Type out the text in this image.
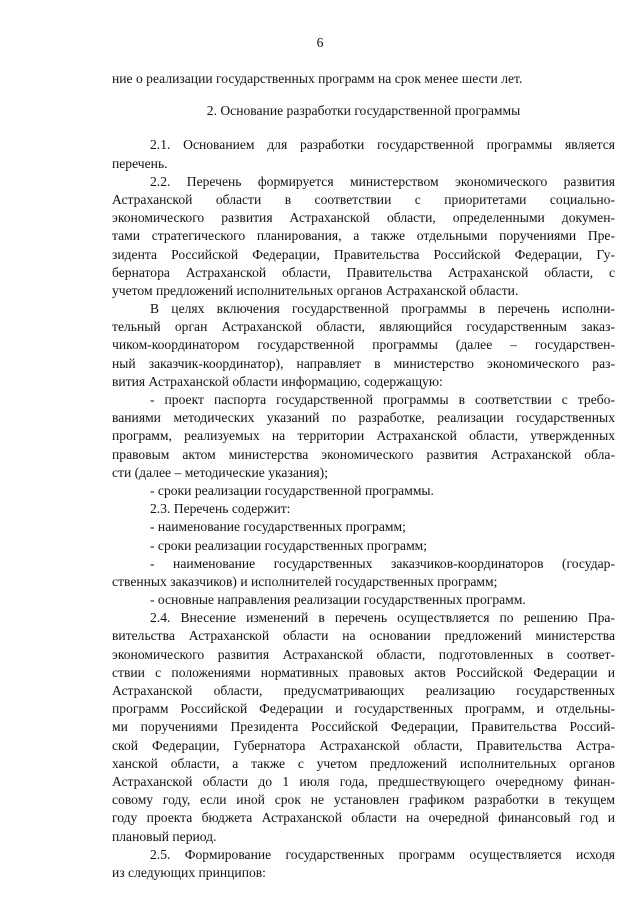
6
ние о реализации государственных программ на срок менее шести лет.
2. Основание разработки государственной программы
2.1. Основанием для разработки государственной программы является
перечень.
2.2. Перечень формируется министерством экономического развития
Астраханской области в соответствии с приоритетами социально-
экономического развития Астраханской области, определенными докумен-
тами стратегического планирования, а также отдельными поручениями Пре-
зидента Российской Федерации, Правительства Российской Федерации, Гу-
бернатора Астраханской области, Правительства Астраханской области, с
учетом предложений исполнительных органов Астраханской области.
В целях включения государственной программы в перечень исполни-
тельный орган Астраханской области, являющийся государственным заказ-
чиком-координатором государственной программы (далее – государствен-
ный заказчик-координатор), направляет в министерство экономического раз-
вития Астраханской области информацию, содержащую:
- проект паспорта государственной программы в соответствии с требо-
ваниями методических указаний по разработке, реализации государственных
программ, реализуемых на территории Астраханской области, утвержденных
правовым актом министерства экономического развития Астраханской обла-
сти (далее – методические указания);
- сроки реализации государственной программы.
2.3. Перечень содержит:
- наименование государственных программ;
- сроки реализации государственных программ;
- наименование государственных заказчиков-координаторов (государ-
ственных заказчиков) и исполнителей государственных программ;
- основные направления реализации государственных программ.
2.4. Внесение изменений в перечень осуществляется по решению Пра-
вительства Астраханской области на основании предложений министерства
экономического развития Астраханской области, подготовленных в соответ-
ствии с положениями нормативных правовых актов Российской Федерации и
Астраханской области, предусматривающих реализацию государственных
программ Российской Федерации и государственных программ, и отдельны-
ми поручениями Президента Российской Федерации, Правительства Россий-
ской Федерации, Губернатора Астраханской области, Правительства Астра-
ханской области, а также с учетом предложений исполнительных органов
Астраханской области до 1 июля года, предшествующего очередному финан-
совому году, если иной срок не установлен графиком разработки в текущем
году проекта бюджета Астраханской области на очередной финансовый год и
плановый период.
2.5. Формирование государственных программ осуществляется исходя
из следующих принципов:
